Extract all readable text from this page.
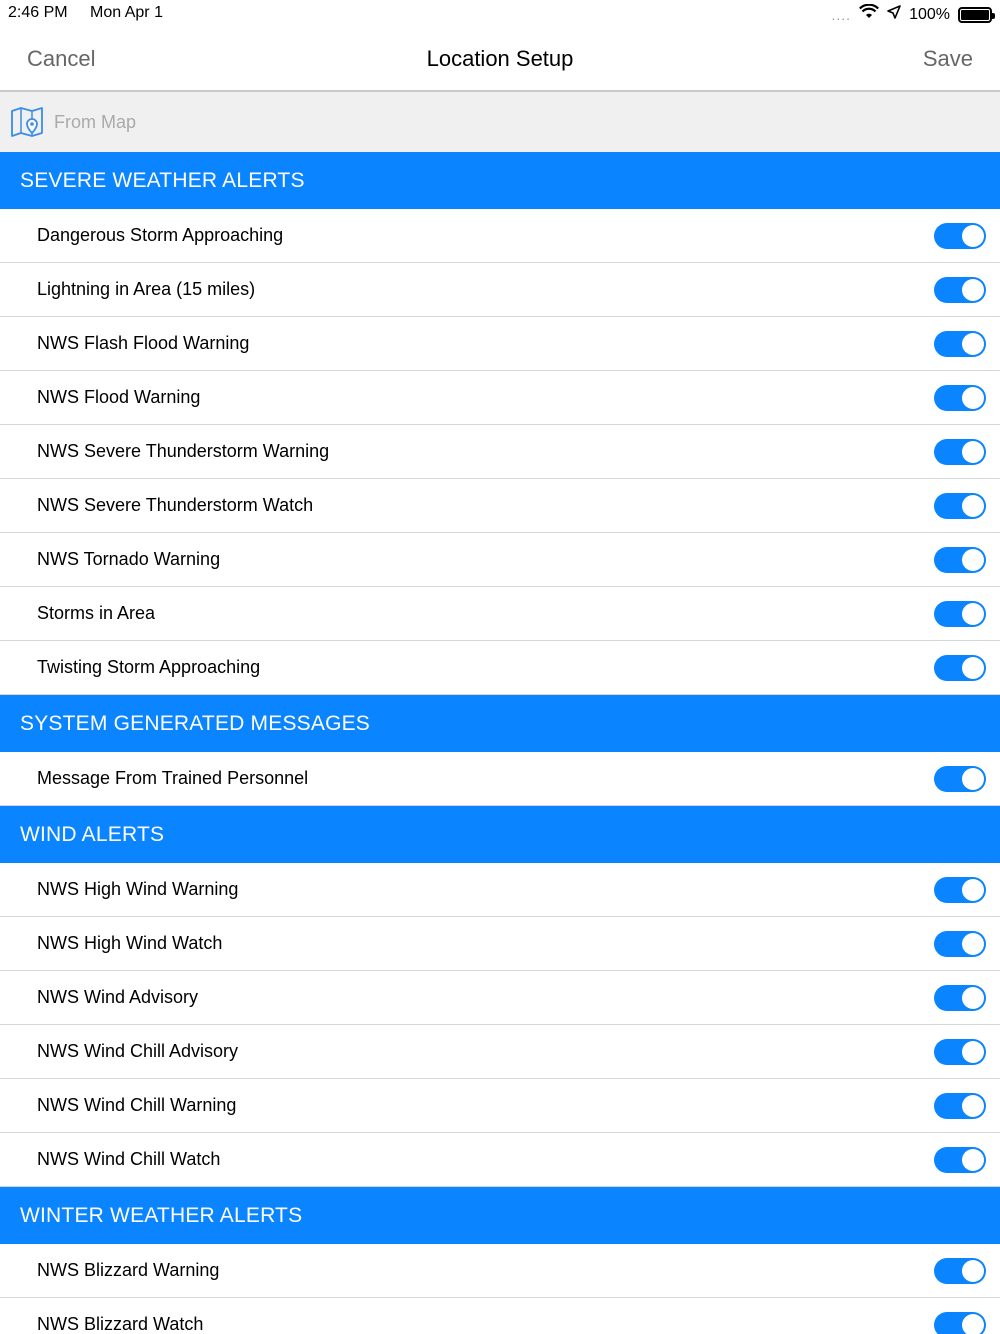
2:46 PM Mon Apr 1	....	100%
Cancel	Location Setup	Save
From Map
SEVERE WEATHER ALERTS
Dangerous Storm Approaching
Lightning in Area (15 miles)
NWS Flash Flood Warning
NWS Flood Warning
NWS Severe Thunderstorm Warning
NWS Severe Thunderstorm Watch
NWS Tornado Warning
Storms in Area
Twisting Storm Approaching
SYSTEM GENERATED MESSAGES
Message From Trained Personnel
WIND ALERTS
NWS High Wind Warning
NWS High Wind Watch
NWS Wind Advisory
NWS Wind Chill Advisory
NWS Wind Chill Warning
NWS Wind Chill Watch
WINTER WEATHER ALERTS
NWS Blizzard Warning
NWS Blizzard Watch
